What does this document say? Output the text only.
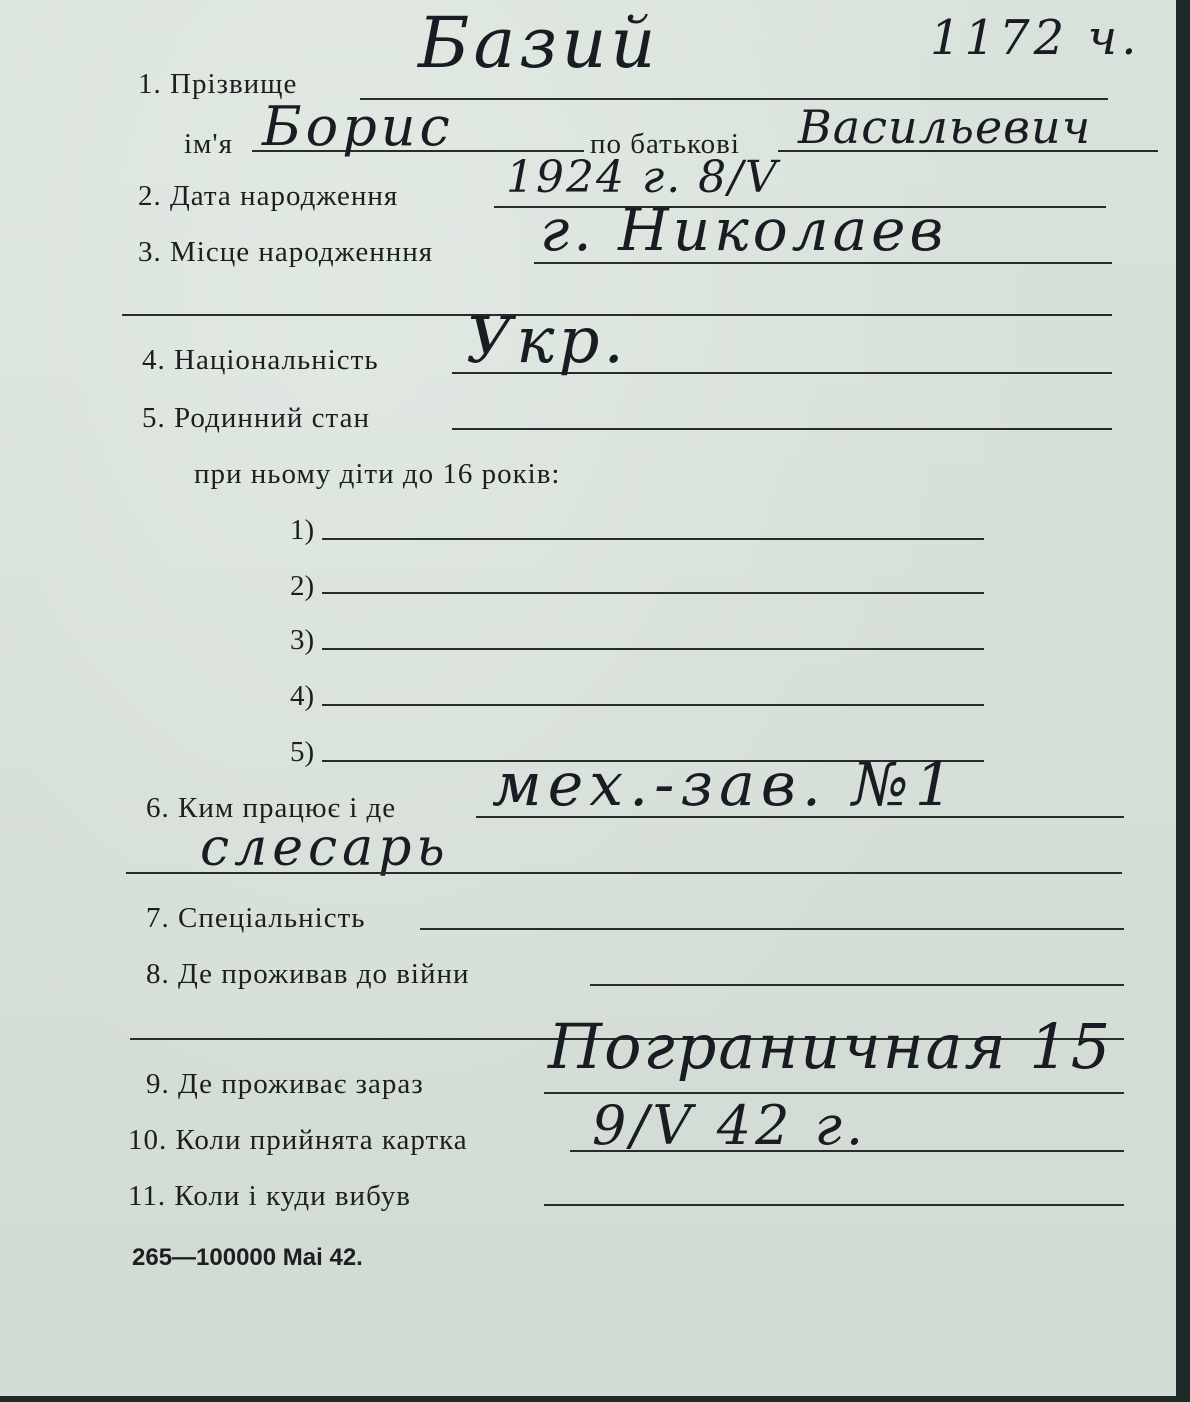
1. Прізвище Базий	1172 ч.
ім'я Борис	по батькові Васильевич
2. Дата народження 1924 г. 8/V
3. Місце народженння г. Николаев
4. Національність Укр.
5. Родинний стан
при ньому діти до 16 років:
1)
2)
3)
4)
5)
6. Ким працює і де мех.-зав. №1
слесарь
7. Спеціальність
8. Де проживав до війни
9. Де проживає зараз
Пограничная 15
10. Коли прийнята картка 9/V 42 г.
11. Коли і куди вибув
265—100000 Mai 42.
